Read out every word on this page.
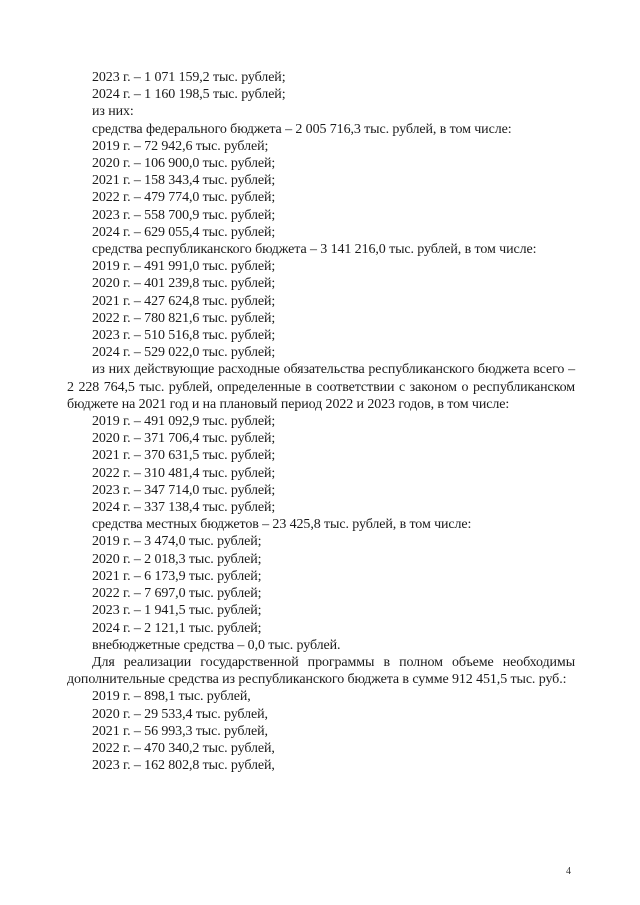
2023 г. – 1 071 159,2 тыс. рублей;
2024 г. – 1 160 198,5 тыс. рублей;
из них:
средства федерального бюджета – 2 005 716,3 тыс. рублей, в том числе:
2019 г. – 72 942,6 тыс. рублей;
2020 г. – 106 900,0 тыс. рублей;
2021 г. – 158 343,4 тыс. рублей;
2022 г. – 479 774,0 тыс. рублей;
2023 г. – 558 700,9 тыс. рублей;
2024 г. – 629 055,4 тыс. рублей;
средства республиканского бюджета – 3 141 216,0 тыс. рублей, в том числе:
2019 г. – 491 991,0 тыс. рублей;
2020 г. – 401 239,8 тыс. рублей;
2021 г. – 427 624,8 тыс. рублей;
2022 г. – 780 821,6 тыс. рублей;
2023 г. – 510 516,8 тыс. рублей;
2024 г. – 529 022,0 тыс. рублей;
из них действующие расходные обязательства республиканского бюджета всего – 2 228 764,5 тыс. рублей, определенные в соответствии с законом о республиканском бюджете на 2021 год и на плановый период 2022 и 2023 годов, в том числе:
2019 г. – 491 092,9 тыс. рублей;
2020 г. – 371 706,4 тыс. рублей;
2021 г. – 370 631,5 тыс. рублей;
2022 г. – 310 481,4 тыс. рублей;
2023 г. – 347 714,0 тыс. рублей;
2024 г. – 337 138,4 тыс. рублей;
средства местных бюджетов – 23 425,8 тыс. рублей, в том числе:
2019 г. – 3 474,0 тыс. рублей;
2020 г. – 2 018,3 тыс. рублей;
2021 г. – 6 173,9 тыс. рублей;
2022 г. – 7 697,0 тыс. рублей;
2023 г. – 1 941,5 тыс. рублей;
2024 г. – 2 121,1 тыс. рублей;
внебюджетные средства – 0,0 тыс. рублей.
Для реализации государственной программы в полном объеме необходимы дополнительные средства из республиканского бюджета в сумме 912 451,5 тыс. руб.:
2019 г. – 898,1 тыс. рублей,
2020 г. – 29 533,4 тыс. рублей,
2021 г. – 56 993,3 тыс. рублей,
2022 г. – 470 340,2 тыс. рублей,
2023 г. – 162 802,8 тыс. рублей,
4
